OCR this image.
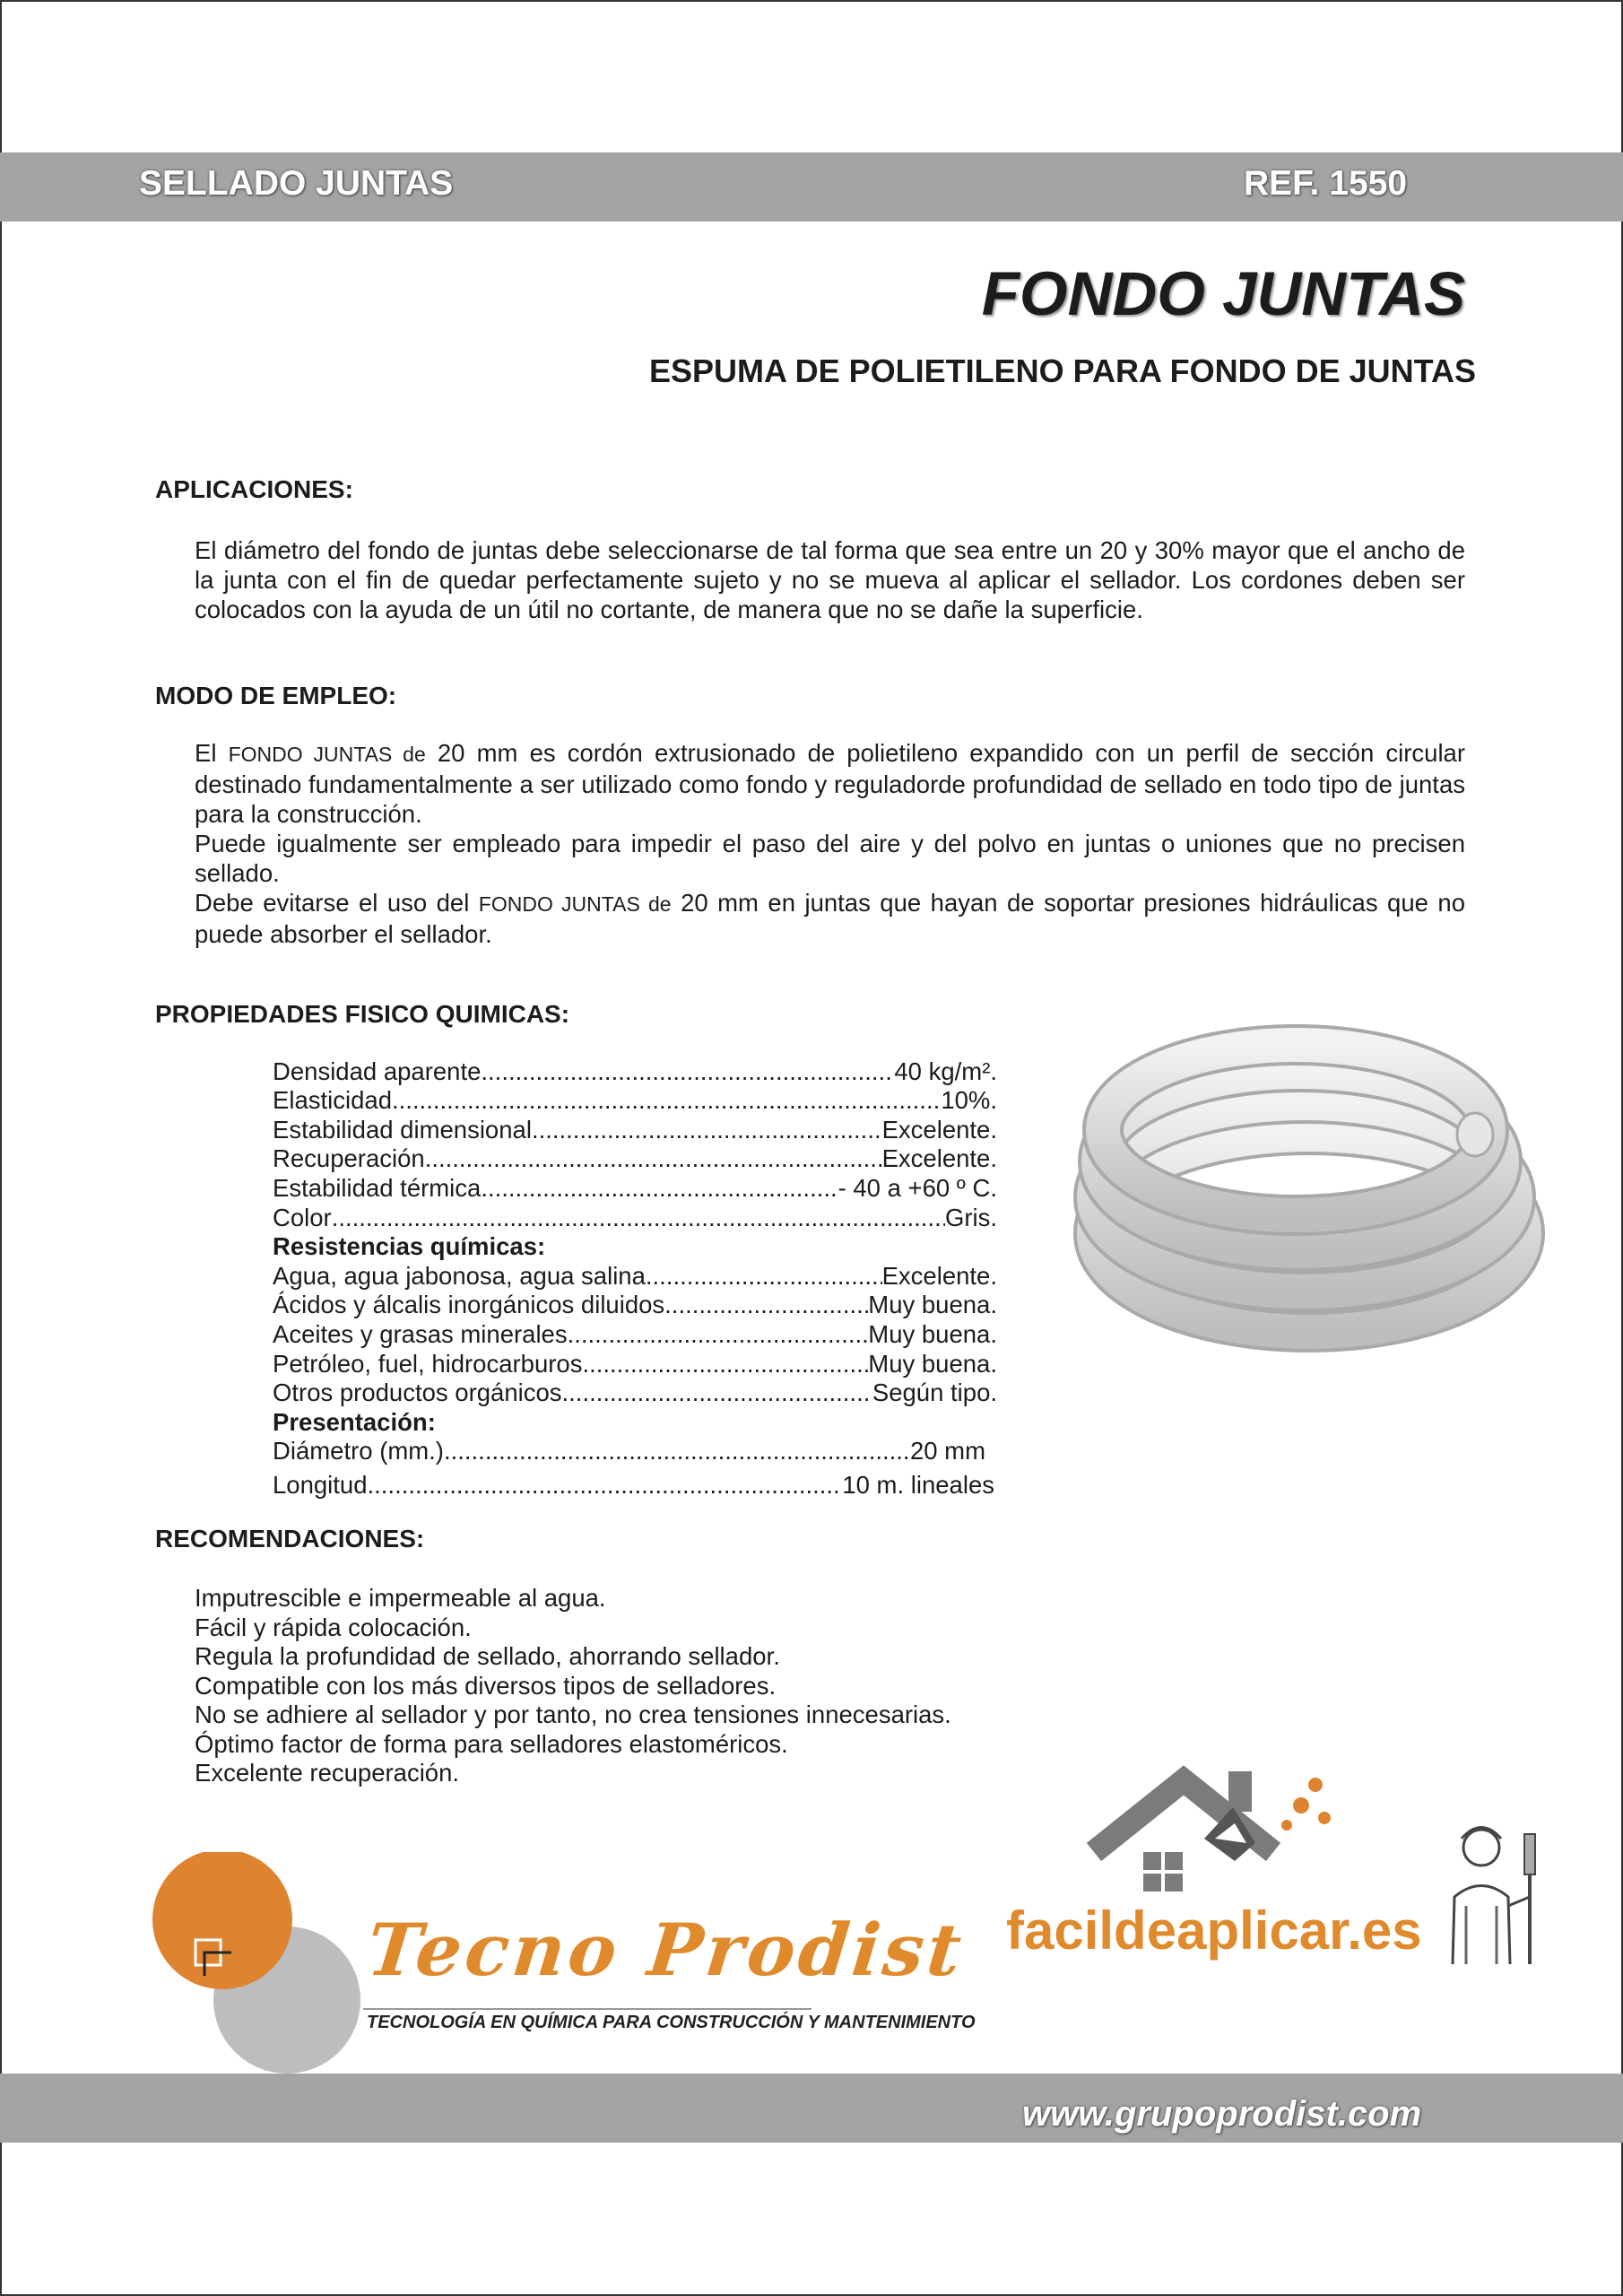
SELLADO JUNTAS	REF. 1550
FONDO JUNTAS
ESPUMA DE POLIETILENO PARA FONDO DE JUNTAS
APLICACIONES:

El diámetro del fondo de juntas debe seleccionarse de tal forma que sea entre un 20 y 30% mayor que el ancho de la junta con el fin de quedar perfectamente sujeto y no se mueva al aplicar el sellador. Los cordones deben ser colocados con la ayuda de un útil no cortante, de manera que no se dañe la superficie.

MODO DE EMPLEO:

El FONDO JUNTAS de 20 mm es cordón extrusionado de polietileno expandido con un perfil de sección circular destinado fundamentalmente a ser utilizado como fondo y reguladorde profundidad de sellado en todo tipo de juntas para la construcción.

Puede igualmente ser empleado para impedir el paso del aire y del polvo en juntas o uniones que no precisen sellado.

Debe evitarse el uso del FONDO JUNTAS de 20 mm en juntas que hayan de soportar presiones hidráulicas que no puede absorber el sellador.

PROPIEDADES FISICO QUIMICAS:
Densidad aparente .....	40 kg/m².
Elasticidad .....	10%.
Estabilidad dimensional .....	Excelente.
Recuperación .....	Excelente.
Estabilidad térmica .....	- 40 a +60 º C.
Color .....	Gris.
Resistencias químicas:
Agua, agua jabonosa, agua salina .....	Excelente.
Ácidos y álcalis inorgánicos diluidos .....	Muy buena.
Aceites y grasas minerales. .....	Muy buena.
Petróleo, fuel, hidrocarburos .....	Muy buena.
Otros productos orgánicos .....	Según tipo.
Presentación:
Diámetro (mm.). .....	20 mm
Longitud .....	10 m. lineales
RECOMENDACIONES:
Imputrescible e impermeable al agua.
Fácil y rápida colocación.
Regula la profundidad de sellado, ahorrando sellador.
Compatible con los más diversos tipos de selladores.
No se adhiere al sellador y por tanto, no crea tensiones innecesarias.
Óptimo factor de forma para selladores elastoméricos.
Excelente recuperación.
Tecno Prodist
TECNOLOGÍA EN QUÍMICA PARA CONSTRUCCIÓN Y MANTENIMIENTO
facildeaplicar.es
www.grupoprodist.com
